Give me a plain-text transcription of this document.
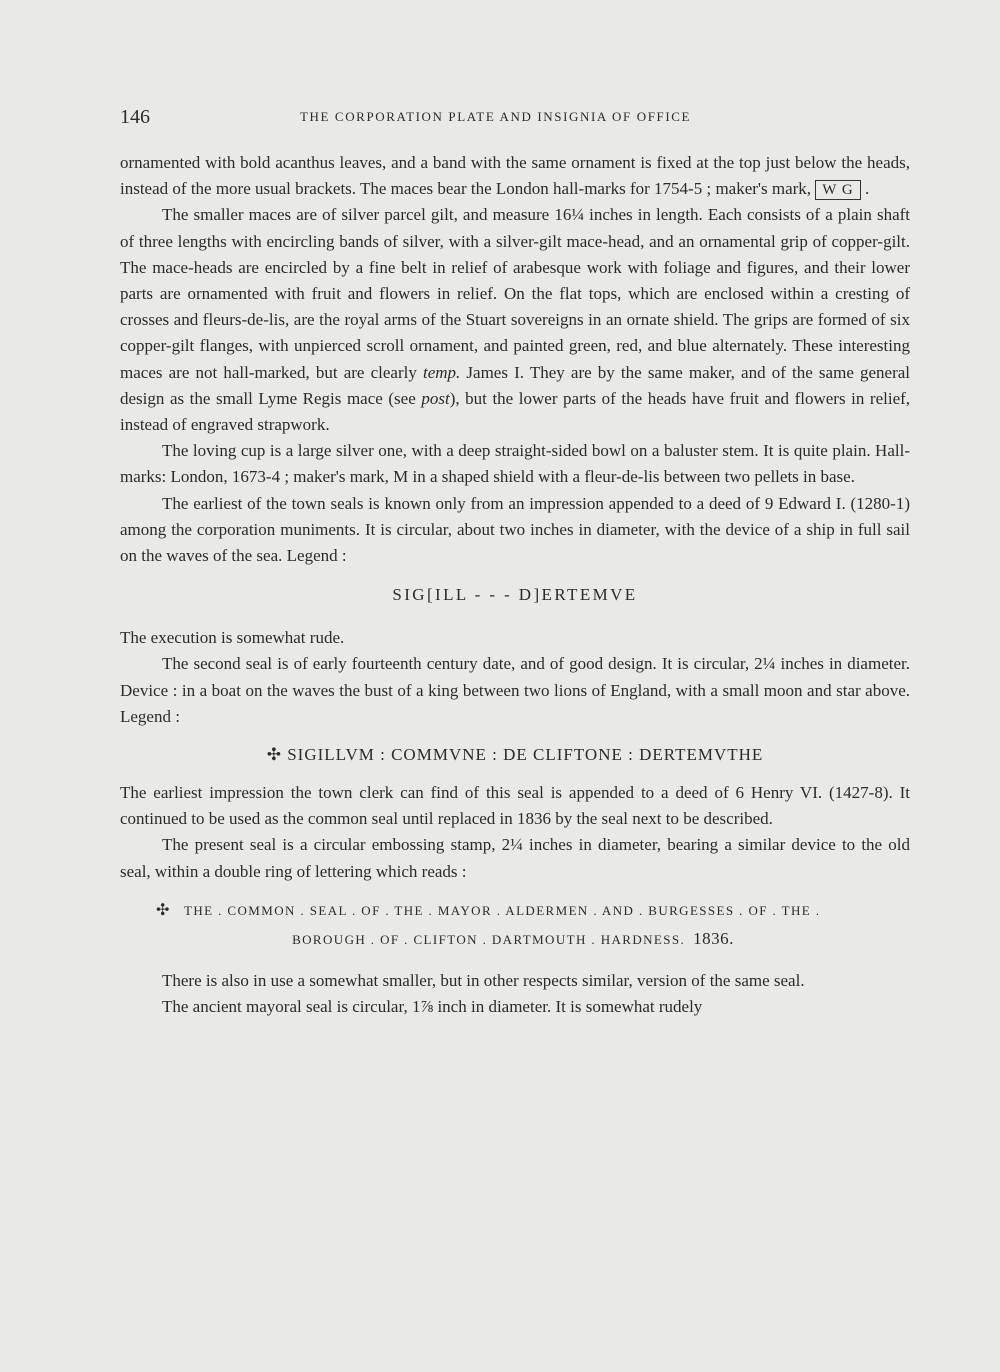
146	THE CORPORATION PLATE AND INSIGNIA OF OFFICE

ornamented with bold acanthus leaves, and a band with the same ornament is fixed at the top just below the heads, instead of the more usual brackets. The maces bear the London hall-marks for 1754-5 ; maker's mark, W G .

The smaller maces are of silver parcel gilt, and measure 16¼ inches in length. Each consists of a plain shaft of three lengths with encircling bands of silver, with a silver-gilt mace-head, and an ornamental grip of copper-gilt. The mace-heads are encircled by a fine belt in relief of arabesque work with foliage and figures, and their lower parts are ornamented with fruit and flowers in relief. On the flat tops, which are enclosed within a cresting of crosses and fleurs-de-lis, are the royal arms of the Stuart sovereigns in an ornate shield. The grips are formed of six copper-gilt flanges, with unpierced scroll ornament, and painted green, red, and blue alternately. These interesting maces are not hall-marked, but are clearly temp. James I. They are by the same maker, and of the same general design as the small Lyme Regis mace (see post), but the lower parts of the heads have fruit and flowers in relief, instead of engraved strapwork.

The loving cup is a large silver one, with a deep straight-sided bowl on a baluster stem. It is quite plain. Hall-marks: London, 1673-4 ; maker's mark, M in a shaped shield with a fleur-de-lis between two pellets in base.

The earliest of the town seals is known only from an impression appended to a deed of 9 Edward I. (1280-1) among the corporation muniments. It is circular, about two inches in diameter, with the device of a ship in full sail on the waves of the sea. Legend :

SIG[ILL - - - D]ERTEMVE

The execution is somewhat rude.

The second seal is of early fourteenth century date, and of good design. It is circular, 2¼ inches in diameter. Device : in a boat on the waves the bust of a king between two lions of England, with a small moon and star above. Legend :

✣ SIGILLVM : COMMVNE : DE CLIFTONE : DERTEMVTHE

The earliest impression the town clerk can find of this seal is appended to a deed of 6 Henry VI. (1427-8). It continued to be used as the common seal until replaced in 1836 by the seal next to be described.

The present seal is a circular embossing stamp, 2¼ inches in diameter, bearing a similar device to the old seal, within a double ring of lettering which reads :

✣	THE . COMMON . SEAL . OF . THE . MAYOR . ALDERMEN . AND . BURGESSES . OF . THE .
BOROUGH . OF . CLIFTON . DARTMOUTH . HARDNESS. 1836.

There is also in use a somewhat smaller, but in other respects similar, version of the same seal.

The ancient mayoral seal is circular, 1⅞ inch in diameter. It is somewhat rudely
